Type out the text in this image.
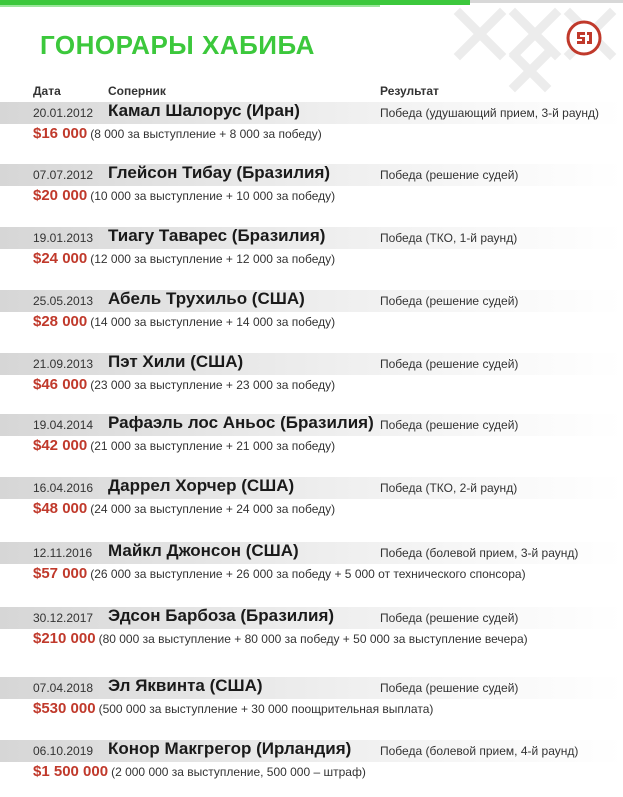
ГОНОРАРЫ ХАБИБА
Дата	Соперник	Результат
20.01.2012 Камал Шалорус (Иран)	Победа (удушающий прием, 3-й раунд)
$16 000 (8 000 за выступление + 8 000 за победу)
07.07.2012 Глейсон Тибау (Бразилия)	Победа (решение судей)
$20 000 (10 000 за выступление + 10 000 за победу)
19.01.2013 Тиагу Таварес (Бразилия)	Победа (ТКО, 1-й раунд)
$24 000 (12 000 за выступление + 12 000 за победу)
25.05.2013 Абель Трухильо (США)	Победа (решение судей)
$28 000 (14 000 за выступление + 14 000 за победу)
21.09.2013 Пэт Хили (США)	Победа (решение судей)
$46 000 (23 000 за выступление + 23 000 за победу)
19.04.2014 Рафаэль лос Аньос (Бразилия) Победа (решение судей)
$42 000 (21 000 за выступление + 21 000 за победу)
16.04.2016 Даррел Хорчер (США)	Победа (ТКО, 2-й раунд)
$48 000 (24 000 за выступление + 24 000 за победу)
12.11.2016 Майкл Джонсон (США)	Победа (болевой прием, 3-й раунд)
$57 000 (26 000 за выступление + 26 000 за победу + 5 000 от технического спонсора)
30.12.2017 Эдсон Барбоза (Бразилия)	Победа (решение судей)
$210 000 (80 000 за выступление + 80 000 за победу + 50 000 за выступление вечера)
07.04.2018 Эл Яквинта (США)	Победа (решение судей)
$530 000 (500 000 за выступление + 30 000 поощрительная выплата)
06.10.2019 Конор Макгрегор (Ирландия) Победа (болевой прием, 4-й раунд)
$1 500 000 (2 000 000 за выступление, 500 000 – штраф)
